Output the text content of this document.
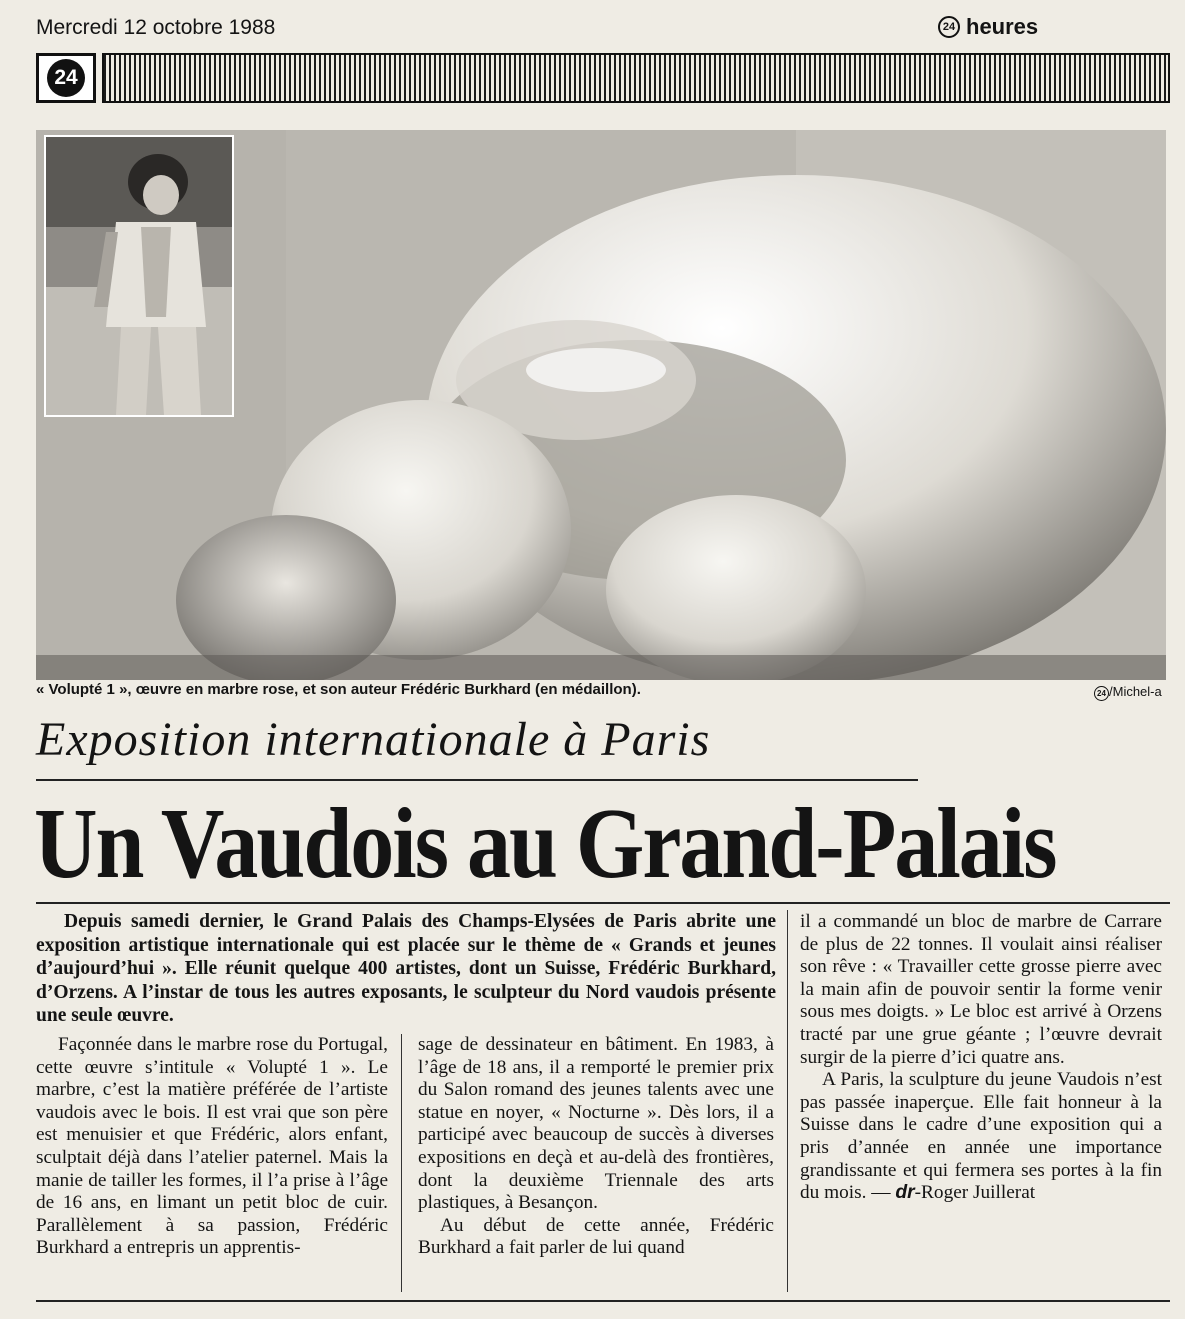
Mercredi 12 octobre 1988	24 heures
24
« Volupté 1 », œuvre en marbre rose, et son auteur Frédéric Burkhard (en médaillon).	24 /Michel-a
Exposition internationale à Paris
Un Vaudois au Grand-Palais

Depuis samedi dernier, le Grand Palais des Champs-Elysées de Paris abrite une exposition artistique internationale qui est placée sur le thème de « Grands et jeunes d’aujourd’hui ». Elle réunit quelque 400 artistes, dont un Suisse, Frédéric Burkhard, d’Orzens. A l’instar de tous les autres exposants, le sculpteur du Nord vaudois présente une seule œuvre.

Façonnée dans le marbre rose du Portugal, cette œuvre s’intitule « Volupté 1 ». Le marbre, c’est la matière préférée de l’artiste vaudois avec le bois. Il est vrai que son père est menuisier et que Frédéric, alors enfant, sculptait déjà dans l’atelier paternel. Mais la manie de tailler les formes, il l’a prise à l’âge de 16 ans, en limant un petit bloc de cuir. Parallèlement à sa passion, Frédéric Burkhard a entrepris un apprentis-

sage de dessinateur en bâtiment. En 1983, à l’âge de 18 ans, il a remporté le premier prix du Salon romand des jeunes talents avec une statue en noyer, « Nocturne ». Dès lors, il a participé avec beaucoup de succès à diverses expositions en deçà et au-delà des frontières, dont la deuxième Triennale des arts plastiques, à Besançon.

Au début de cette année, Frédéric Burkhard a fait parler de lui quand

il a commandé un bloc de marbre de Carrare de plus de 22 tonnes. Il voulait ainsi réaliser son rêve : « Travailler cette grosse pierre avec la main afin de pouvoir sentir la forme venir sous mes doigts. » Le bloc est arrivé à Orzens tracté par une grue géante ; l’œuvre devrait surgir de la pierre d’ici quatre ans.

A Paris, la sculpture du jeune Vaudois n’est pas passée inaperçue. Elle fait honneur à la Suisse dans le cadre d’une exposition qui a pris d’année en année une importance grandissante et qui fermera ses portes à la fin du mois. — dr-Roger Juillerat
